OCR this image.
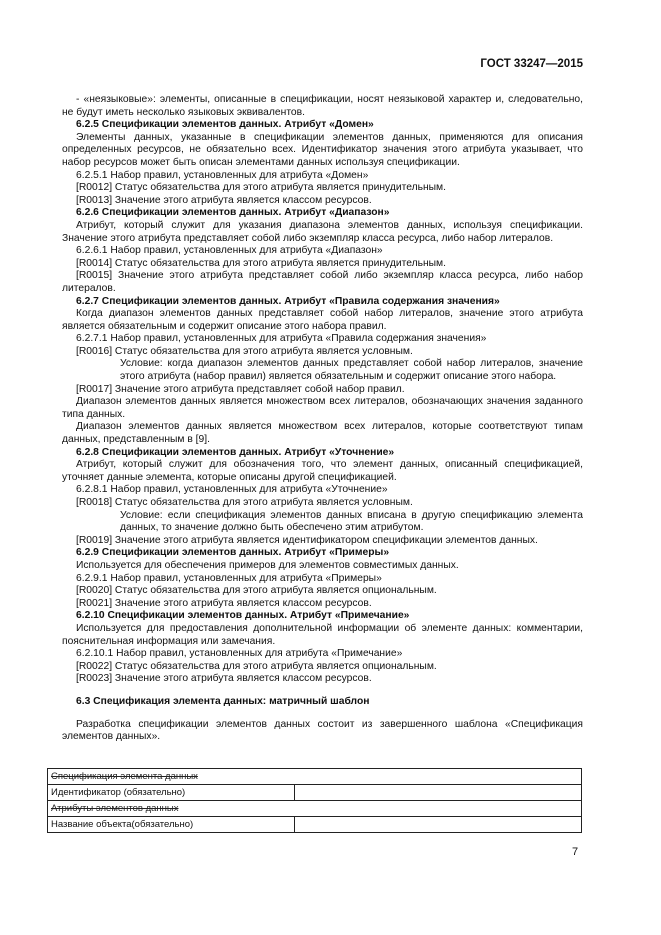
ГОСТ 33247—2015

- «неязыковые»: элементы, описанные в спецификации, носят неязыковой характер и, следовательно, не будут иметь несколько языковых эквивалентов.

6.2.5 Спецификации элементов данных. Атрибут «Домен»

Элементы данных, указанные в спецификации элементов данных, применяются для описания определенных ресурсов, не обязательно всех. Идентификатор значения этого атрибута указывает, что набор ресурсов может быть описан элементами данных используя спецификации.

6.2.5.1 Набор правил, установленных для атрибута «Домен»

[R0012] Статус обязательства для этого атрибута является принудительным.

[R0013] Значение этого атрибута является классом ресурсов.

6.2.6 Спецификации элементов данных. Атрибут «Диапазон»

Атрибут, который служит для указания диапазона элементов данных, используя спецификации. Значение этого атрибута представляет собой либо экземпляр класса ресурса, либо набор литералов.

6.2.6.1 Набор правил, установленных для атрибута «Диапазон»

[R0014] Статус обязательства для этого атрибута является принудительным.

[R0015] Значение этого атрибута представляет собой либо экземпляр класса ресурса, либо набор литералов.

6.2.7 Спецификации элементов данных. Атрибут «Правила содержания значения»

Когда диапазон элементов данных представляет собой набор литералов, значение этого атрибута является обязательным и содержит описание этого набора правил.

6.2.7.1 Набор правил, установленных для атрибута «Правила содержания значения»

[R0016] Статус обязательства для этого атрибута является условным.

Условие: когда диапазон элементов данных представляет собой набор литералов, значение этого атрибута (набор правил) является обязательным и содержит описание этого набора.

[R0017] Значение этого атрибута представляет собой набор правил.

Диапазон элементов данных является множеством всех литералов, обозначающих значения заданного типа данных.

Диапазон элементов данных является множеством всех литералов, которые соответствуют типам данных, представленным в [9].

6.2.8 Спецификации элементов данных. Атрибут «Уточнение»

Атрибут, который служит для обозначения того, что элемент данных, описанный спецификацией, уточняет данные элемента, которые описаны другой спецификацией.

6.2.8.1 Набор правил, установленных для атрибута «Уточнение»

[R0018] Статус обязательства для этого атрибута является условным.

Условие: если спецификация элементов данных вписана в другую спецификацию элемента данных, то значение должно быть обеспечено этим атрибутом.

[R0019] Значение этого атрибута является идентификатором спецификации элементов данных.

6.2.9 Спецификации элементов данных. Атрибут «Примеры»

Используется для обеспечения примеров для элементов совместимых данных.

6.2.9.1 Набор правил, установленных для атрибута «Примеры»

[R0020] Статус обязательства для этого атрибута является опциональным.

[R0021] Значение этого атрибута является классом ресурсов.

6.2.10 Спецификации элементов данных. Атрибут «Примечание»

Используется для предоставления дополнительной информации об элементе данных: комментарии, пояснительная информация или замечания.

6.2.10.1 Набор правил, установленных для атрибута «Примечание»

[R0022] Статус обязательства для этого атрибута является опциональным.

[R0023] Значение этого атрибута является классом ресурсов.

6.3 Спецификация элемента данных: матричный шаблон

Разработка спецификации элементов данных состоит из завершенного шаблона «Спецификация элементов данных».

Спецификация элемента данных	
Идентификатор (обязательно)	
Атрибуты элементов данных	
Название объекта(обязательно)	
7
